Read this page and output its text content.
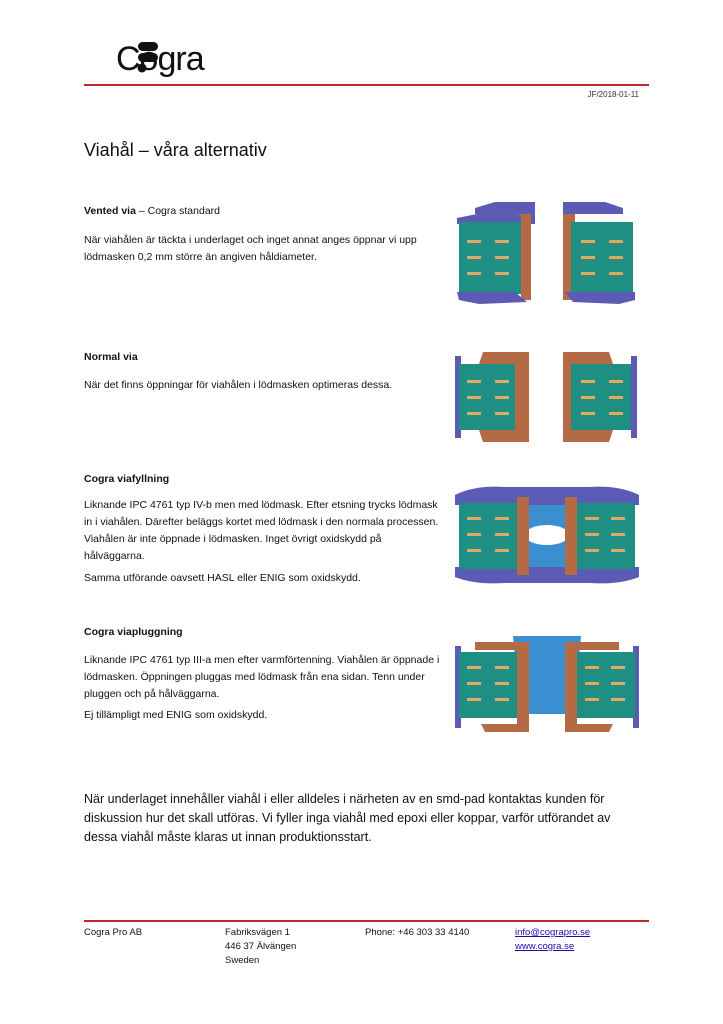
Cogra
JF/2018-01-11
Viahål – våra alternativ
Vented via – Cogra standard

När viahålen är täckta i underlaget och inget annat anges öppnar vi upp lödmasken 0,2 mm större än angiven håldiameter.

Normal via

När det finns öppningar för viahålen i lödmasken optimeras dessa.

Cogra viafyllning

Liknande IPC 4761 typ IV-b men med lödmask. Efter etsning trycks lödmask in i viahålen. Därefter beläggs kortet med lödmask i den normala processen. Viahålen är inte öppnade i lödmasken. Inget övrigt oxidskydd på hålväggarna.

Samma utförande oavsett HASL eller ENIG som oxidskydd.

Cogra viapluggning

Liknande IPC 4761 typ III-a men efter varmförtenning. Viahålen är öppnade i lödmasken. Öppningen pluggas med lödmask från ena sidan. Tenn under pluggen och på hålväggarna.

Ej tillämpligt med ENIG som oxidskydd.

När underlaget innehåller viahål i eller alldeles i närheten av en smd-pad kontaktas kunden för diskussion hur det skall utföras. Vi fyller inga viahål med epoxi eller koppar, varför utförandet av dessa viahål måste klaras ut innan produktionsstart.

Cogra Pro AB	Fabriksvägen 1
446 37 Älvängen
Sweden
Phone: +46 303 33 4140	info@cograpro.se
www.cogra.se
